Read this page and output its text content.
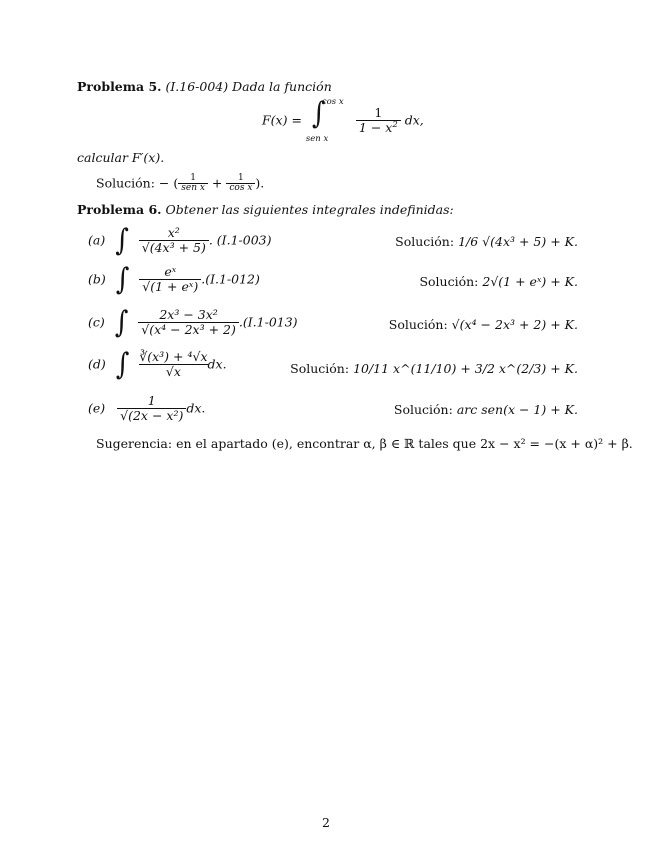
Problema 5. (I.16-004) Dada la función
F(x) = ∫
cos x
sen x

$\frac{1}{1 - x^2}$ dx,
calcular F′(x).
Solución: − ( $\frac{1}{\text{sen x}} + \frac{1}{\text{cos x}}$ ).
Problema 6. Obtener las siguientes integrales indefinidas:
(a) ∫ $\frac{\text{x²}}{\text{√(4x³ + 5)}}$ . (I.1-003)	Solución: 1/6 √(4x³ + 5) + K.
(b) ∫ $\frac{\text{eˣ}}{\text{√(1 + eˣ)}} .(I.1-012)$	Solución: 2√(1 + eˣ) + K.
(c) ∫ $\frac{\text{2x³ − 3x²}}{\text{√(x⁴ − 2x³ + 2)}} .(I.1-013)$	Solución: √(x⁴ − 2x³ + 2) + K.
(d) ∫ $\frac{\text{∛(x³) + ⁴√x}}{√x}$ dx.	Solución: 10/11 x^(11/10) + 3/2 x^(2/3) + K.
$(e) \frac{1}{\text{√(2x − x²)}}$ dx.	Solución: arc sen(x − 1) + K.
Sugerencia: en el apartado (e), encontrar α, β ∈ ℝ tales que 2x − x² = −(x + α)² + β.
2
